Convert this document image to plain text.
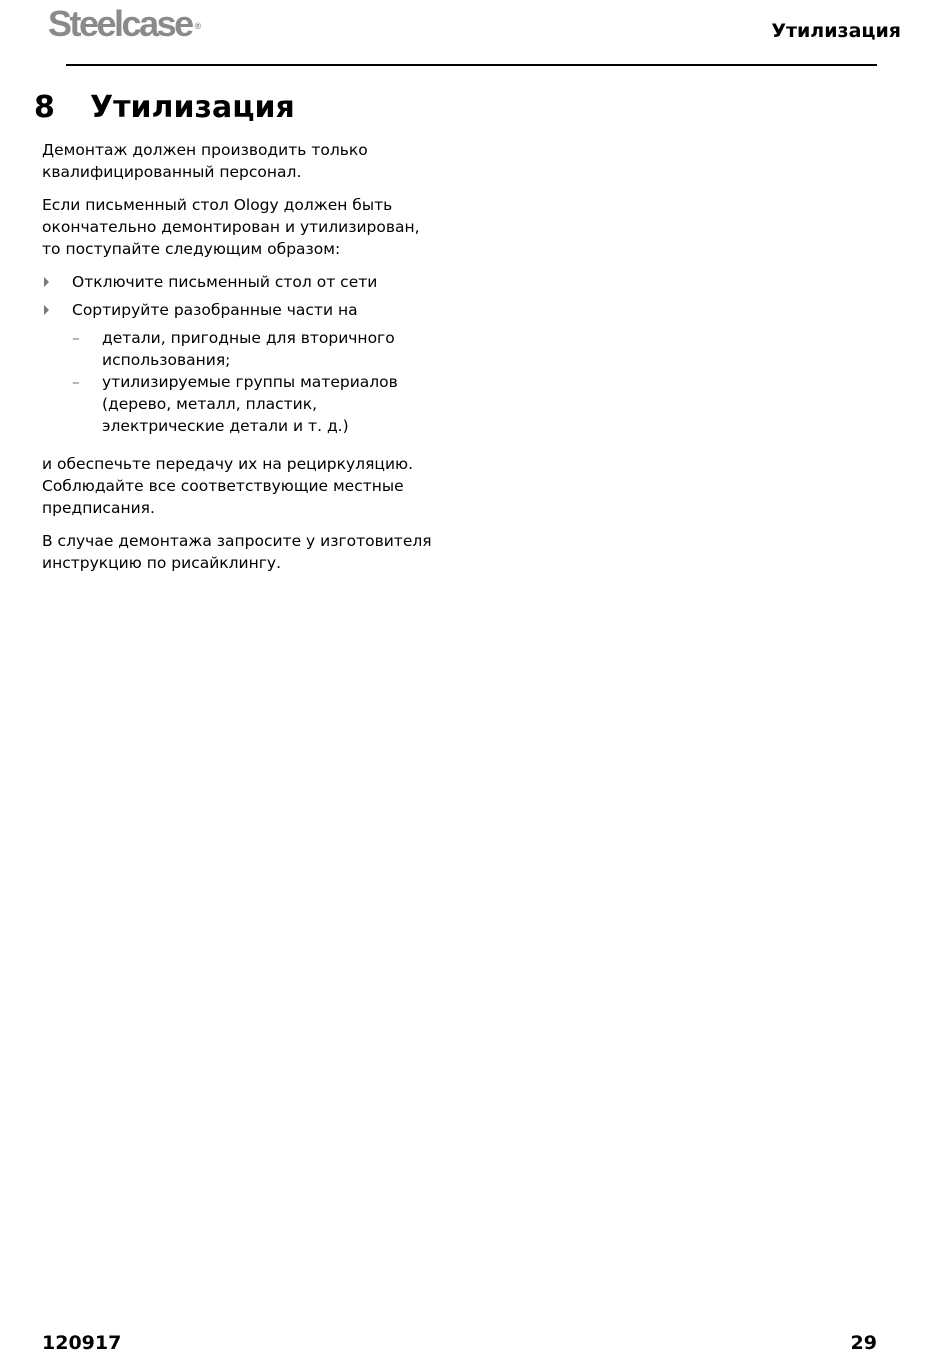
Steelcase ®	Утилизация
8 Утилизация

Демонтаж должен производить только квалифицированный персонал.

Если письменный стол Ology должен быть окончательно демонтирован и утилизирован, то поступайте следующим образом:

Отключите письменный стол от сети
Сортируйте разобранные части на
– детали, пригодные для вторичного использования;
– утилизируемые группы материалов (дерево, металл, пластик, электрические детали и т. д.)

и обеспечьте передачу их на рециркуляцию. Соблюдайте все соответствующие местные предписания.

В случае демонтажа запросите у изготовителя инструкцию по рисайклингу.

120917	29
